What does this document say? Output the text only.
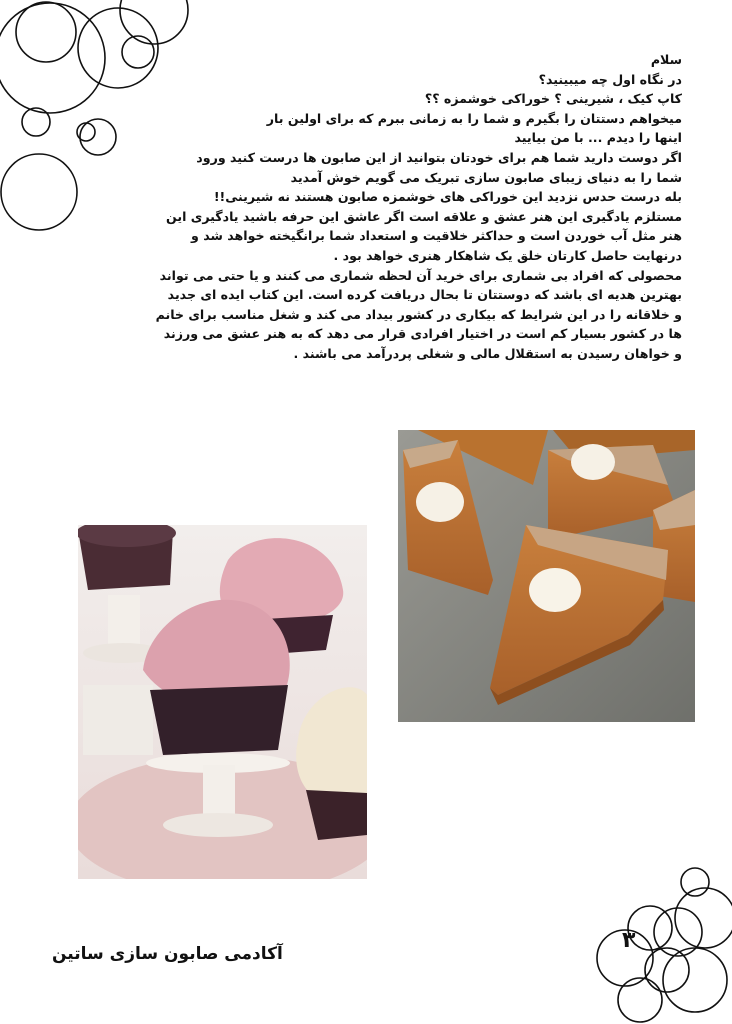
سلام
در نگاه اول چه میبینید؟
کاپ کیک ، شیرینی ؟ خوراکی خوشمزه ؟؟
میخواهم دستتان را بگیرم و شما را به زمانی ببرم که برای اولین بار
اینها را دیدم ... با من بیایید
اگر دوست دارید شما هم برای خودتان بتوانید از این صابون ها درست کنید ورود
شما را به دنیای زیبای صابون سازی تبریک می گویم خوش آمدید
بله درست حدس نزدید این خوراکی های خوشمزه صابون هستند نه شیرینی!!
مستلزم یادگیری این هنر عشق و علاقه است اگر عاشق این حرفه باشید یادگیری این
هنر مثل آب خوردن است و حداکثر خلاقیت و استعداد شما برانگیخته خواهد شد و
درنهایت حاصل کارتان خلق یک شاهکار هنری خواهد بود .
محصولی که افراد بی شماری برای خرید آن لحظه شماری می کنند و یا حتی می تواند
بهترین هدیه ای باشد که دوستتان تا بحال دریافت کرده است. این کتاب ایده ای جدید
و خلاقانه را در این شرایط که بیکاری در کشور بیداد می کند و شغل مناسب برای خانم
ها در کشور بسیار کم است در اختیار افرادی قرار می دهد که به هنر عشق می ورزند
و خواهان رسیدن به استقلال مالی و شغلی پردرآمد می باشند .
۳
آکادمی صابون سازی ساتین
